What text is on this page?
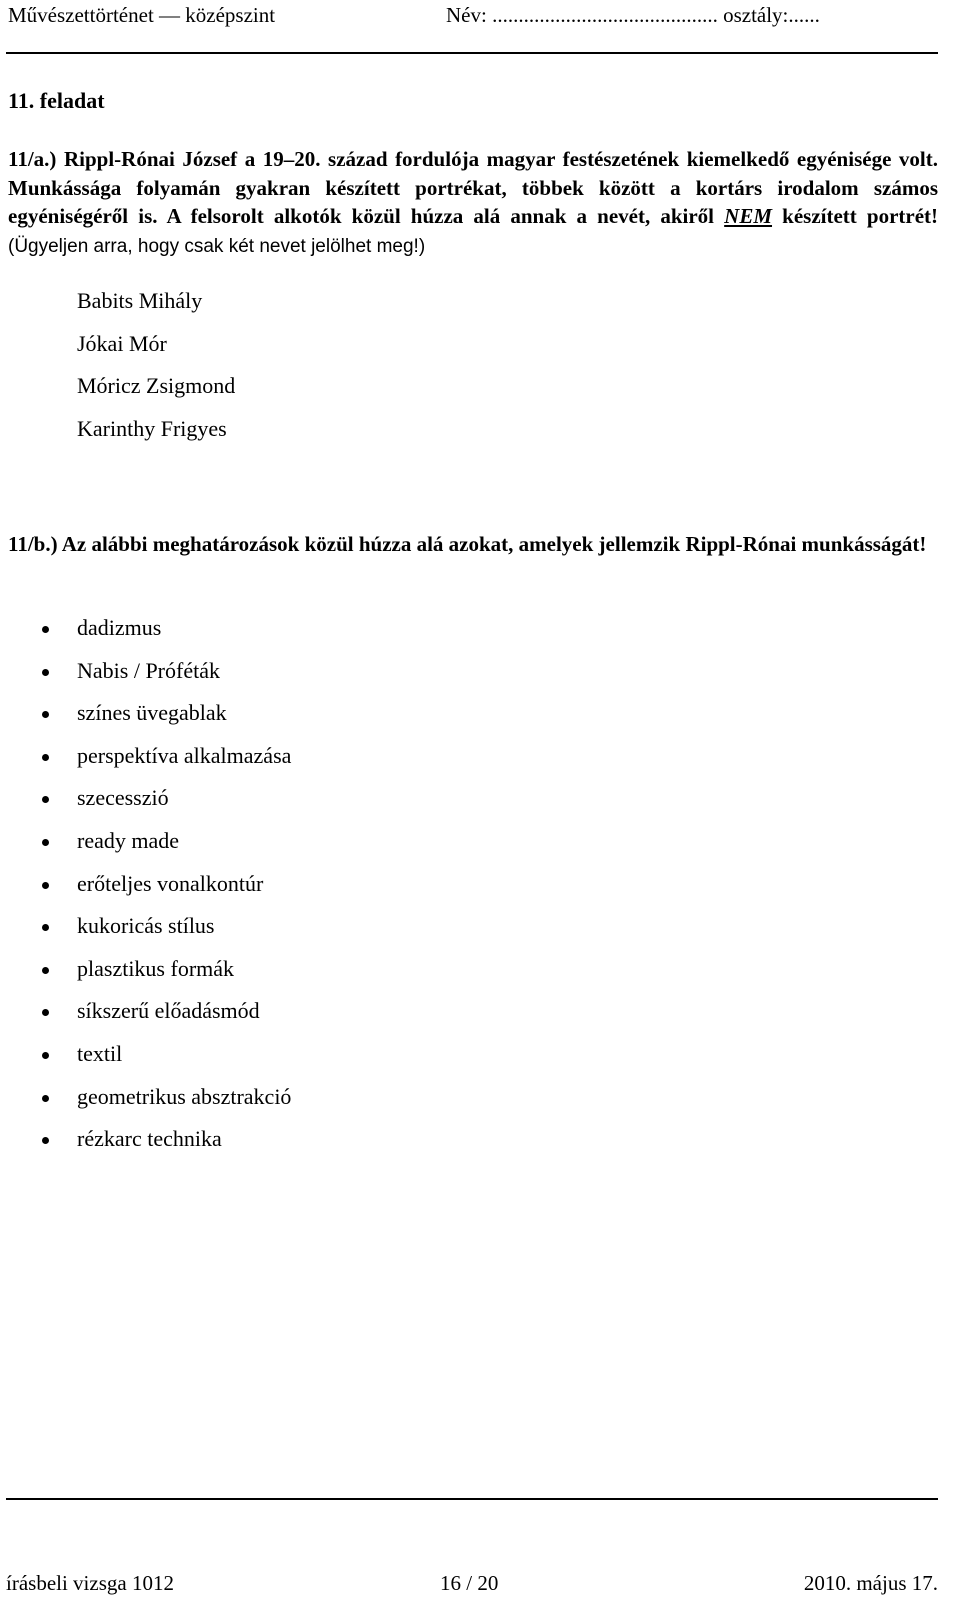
Művészettörténet — középszint	Név: ........................................... osztály:......
11. feladat
11/a.) Rippl-Rónai József a 19–20. század fordulója magyar festészetének kiemelkedő egyénisége volt. Munkássága folyamán gyakran készített portrékat, többek között a kortárs irodalom számos egyéniségéről is. A felsorolt alkotók közül húzza alá annak a nevét, akiről NEM készített portrét! (Ügyeljen arra, hogy csak két nevet jelölhet meg!)
Babits Mihály
Jókai Mór
Móricz Zsigmond
Karinthy Frigyes
11/b.) Az alábbi meghatározások közül húzza alá azokat, amelyek jellemzik Rippl-Rónai munkásságát!
dadizmus
Nabis / Próféták
színes üvegablak
perspektíva alkalmazása
szecesszió
ready made
erőteljes vonalkontúr
kukoricás stílus
plasztikus formák
síkszerű előadásmód
textil
geometrikus absztrakció
rézkarc technika
írásbeli vizsga 1012	16 / 20	2010. május 17.
